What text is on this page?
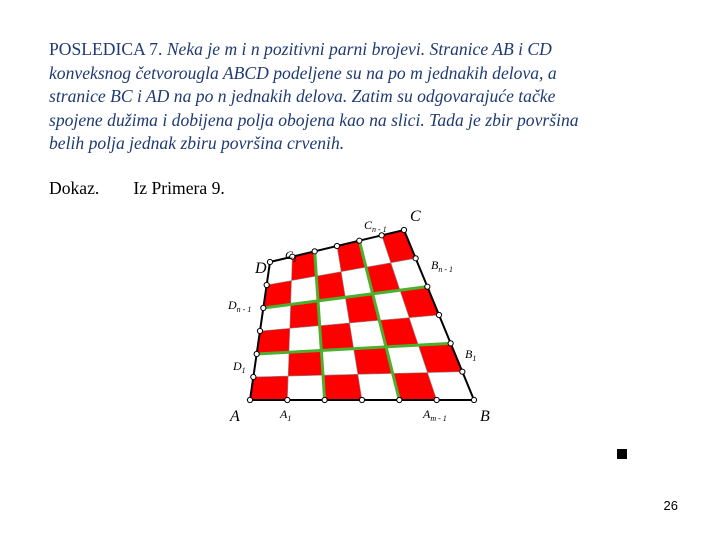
POSLEDICA 7. Neka je m i n pozitivni parni brojevi. Stranice AB i CD
konveksnog četvorougla ABCD podeljene su na po m jednakih delova, a
stranice BC i AD na po n jednakih delova. Zatim su odgovarajuće tačke
spojene dužima i dobijena polja obojena kao na slici. Tada je zbir površina
belih polja jednak zbiru površina crvenih.
Dokaz. Iz Primera 9.
A	B
C
D
$A_1$	$A_{m - 1}$
$B_1$
$B_{n - 1}$
$C_1$
$C_{n - 1}$
$D_1$
$D_{n - 1}$
26
